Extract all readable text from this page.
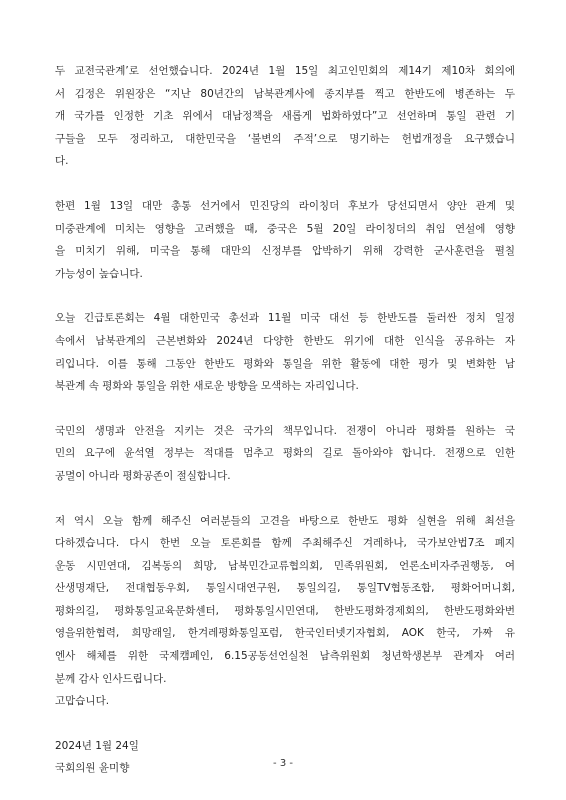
두 교전국관계’로 선언했습니다. 2024년 1월 15일 최고인민회의 제14기 제10차 회의에
서 김정은 위원장은 “지난 80년간의 남북관계사에 종지부를 찍고 한반도에 병존하는 두
개 국가를 인정한 기초 위에서 대남정책을 새롭게 법화하였다”고 선언하며 통일 관련 기
구들을 모두 정리하고, 대한민국을 ‘불변의 주적’으로 명기하는 헌법개정을 요구했습니
다.
한편 1월 13일 대만 총통 선거에서 민진당의 라이칭더 후보가 당선되면서 양안 관계 및
미중관계에 미치는 영향을 고려했을 때, 중국은 5월 20일 라이칭더의 취임 연설에 영향
을 미치기 위해, 미국을 통해 대만의 신정부를 압박하기 위해 강력한 군사훈련을 펼칠
가능성이 높습니다.
오늘 긴급토론회는 4월 대한민국 총선과 11월 미국 대선 등 한반도를 둘러싼 정치 일정
속에서 남북관계의 근본변화와 2024년 다양한 한반도 위기에 대한 인식을 공유하는 자
리입니다. 이를 통해 그동안 한반도 평화와 통일을 위한 활동에 대한 평가 및 변화한 남
북관계 속 평화와 통일을 위한 새로운 방향을 모색하는 자리입니다.
국민의 생명과 안전을 지키는 것은 국가의 책무입니다. 전쟁이 아니라 평화를 원하는 국
민의 요구에 윤석열 정부는 적대를 멈추고 평화의 길로 돌아와야 합니다. 전쟁으로 인한
공멸이 아니라 평화공존이 절실합니다.
저 역시 오늘 함께 해주신 여러분들의 고견을 바탕으로 한반도 평화 실현을 위해 최선을
다하겠습니다. 다시 한번 오늘 토론회를 함께 주최해주신 겨레하나, 국가보안법7조 폐지
운동 시민연대, 김복동의 희망, 남북민간교류협의회, 민족위원회, 언론소비자주권행동, 여
산생명재단, 전대협동우회, 통일시대연구원, 통일의길, 통일TV협동조합, 평화어머니회,
평화의길, 평화통일교육문화센터, 평화통일시민연대, 한반도평화경제회의, 한반도평화와번
영을위한협력, 희망래일, 한겨레평화통일포럼, 한국인터넷기자협회, AOK 한국, 가짜 유
엔사 해체를 위한 국제캠페인, 6.15공동선언실천 남측위원회 청년학생본부 관계자 여러
분께 감사 인사드립니다.
고맙습니다.
2024년 1월 24일
국회의원 윤미향	- 3 -
